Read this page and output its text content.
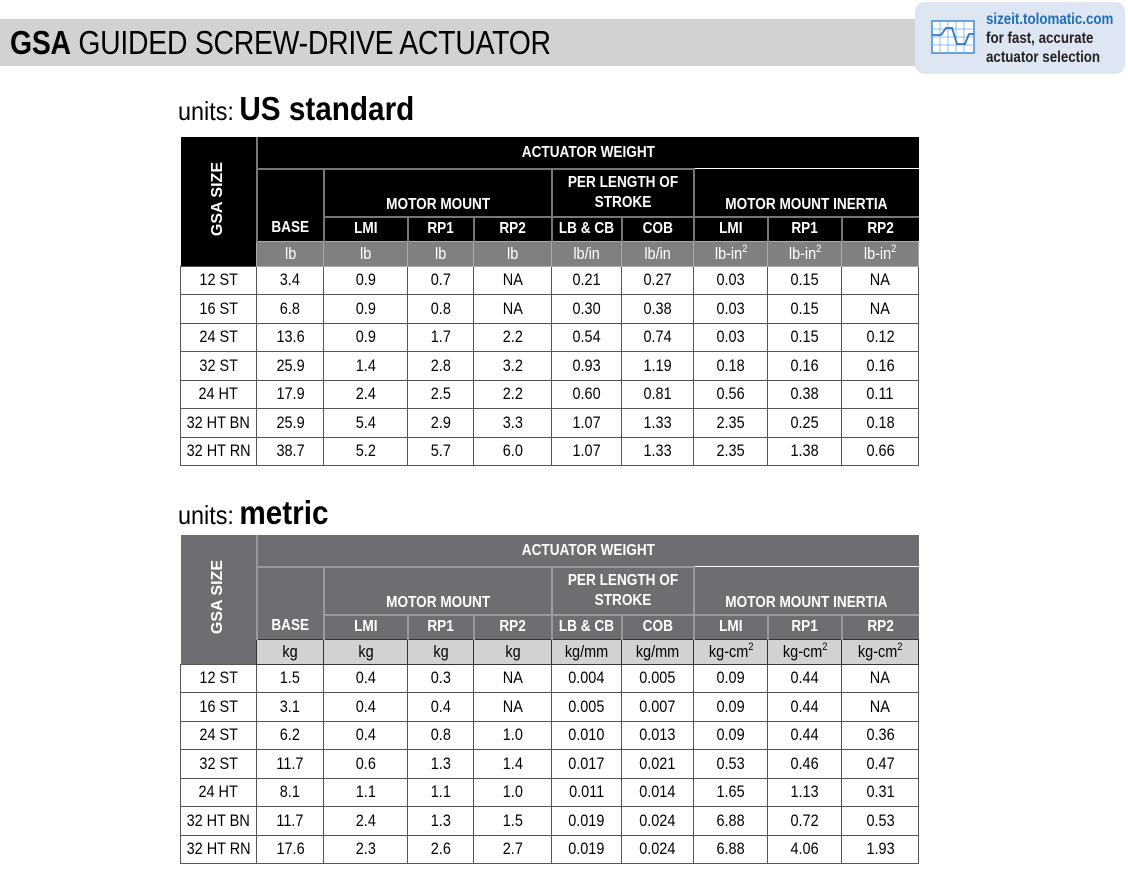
GSA GUIDED SCREW-DRIVE ACTUATOR
sizeit.tolomatic.com
for fast, accurate
actuator selection
units: US standard
GSA SIZE	ACTUATOR WEIGHT								
	BASE	MOTOR MOUNT			PER LENGTH OF STROKE		MOTOR MOUNT INERTIA		
		LMI	RP1	RP2	LB & CB	COB	LMI	RP1	RP2
	lb	lb	lb	lb	lb/in	lb/in	$lb-in^2$	$lb-in^2$	$lb-in^2$
12 ST	3.4	0.9	0.7	NA	0.21	0.27	0.03	0.15	NA
16 ST	6.8	0.9	0.8	NA	0.30	0.38	0.03	0.15	NA
24 ST	13.6	0.9	1.7	2.2	0.54	0.74	0.03	0.15	0.12
32 ST	25.9	1.4	2.8	3.2	0.93	1.19	0.18	0.16	0.16
24 HT	17.9	2.4	2.5	2.2	0.60	0.81	0.56	0.38	0.11
32 HT BN	25.9	5.4	2.9	3.3	1.07	1.33	2.35	0.25	0.18
32 HT RN	38.7	5.2	5.7	6.0	1.07	1.33	2.35	1.38	0.66
units: metric
GSA SIZE	ACTUATOR WEIGHT								
	BASE	MOTOR MOUNT			PER LENGTH OF STROKE		MOTOR MOUNT INERTIA		
		LMI	RP1	RP2	LB & CB	COB	LMI	RP1	RP2
	kg	kg	kg	kg	kg/mm	kg/mm	$kg-cm^2$	$kg-cm^2$	$kg-cm^2$
12 ST	1.5	0.4	0.3	NA	0.004	0.005	0.09	0.44	NA
16 ST	3.1	0.4	0.4	NA	0.005	0.007	0.09	0.44	NA
24 ST	6.2	0.4	0.8	1.0	0.010	0.013	0.09	0.44	0.36
32 ST	11.7	0.6	1.3	1.4	0.017	0.021	0.53	0.46	0.47
24 HT	8.1	1.1	1.1	1.0	0.011	0.014	1.65	1.13	0.31
32 HT BN	11.7	2.4	1.3	1.5	0.019	0.024	6.88	0.72	0.53
32 HT RN	17.6	2.3	2.6	2.7	0.019	0.024	6.88	4.06	1.93
